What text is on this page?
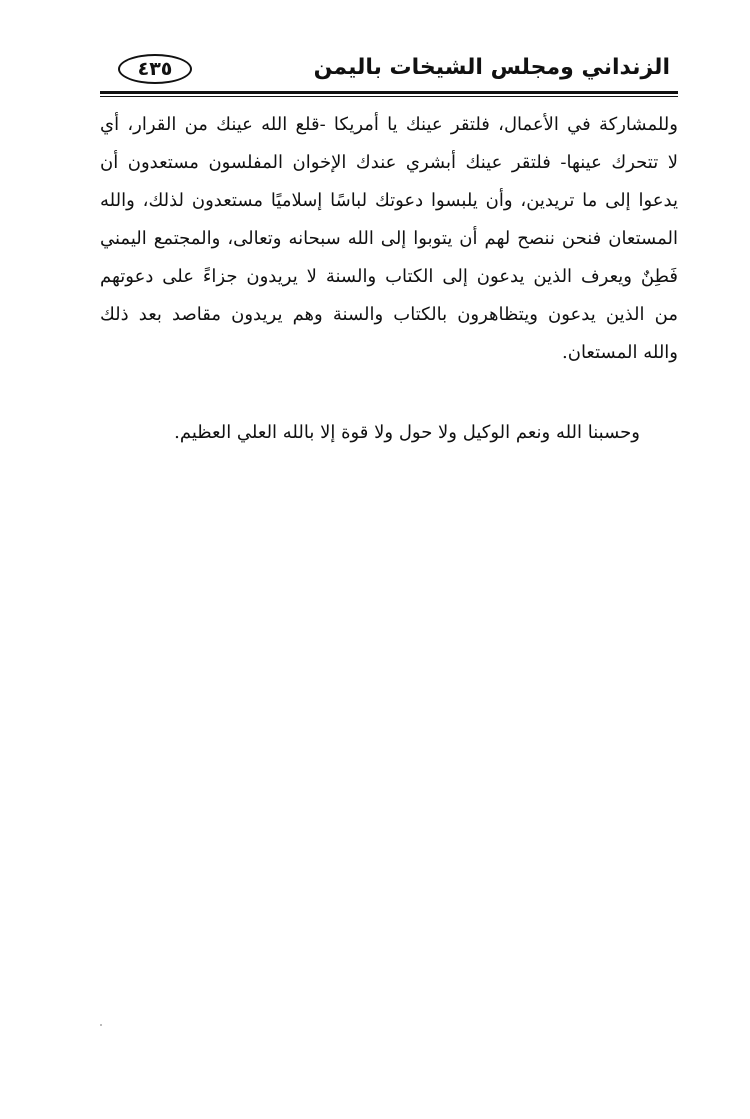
الزنداني ومجلس الشيخات باليمن
٤٣٥
وللمشاركة في الأعمال، فلتقر عينك يا أمريكا -قلع الله عينك من القرار، أي
لا تتحرك عينها- فلتقر عينك أبشري عندك الإخوان المفلسون مستعدون أن
يدعوا إلى ما تريدين، وأن يلبسوا دعوتك لباسًا إسلاميًا مستعدون لذلك، والله
المستعان فنحن ننصح لهم أن يتوبوا إلى الله سبحانه وتعالى، والمجتمع اليمني
فَطِنٌ ويعرف الذين يدعون إلى الكتاب والسنة لا يريدون جزاءً على دعوتهم
من الذين يدعون ويتظاهرون بالكتاب والسنة وهم يريدون مقاصد بعد ذلك
والله المستعان.
وحسبنا الله ونعم الوكيل ولا حول ولا قوة إلا بالله العلي العظيم.
